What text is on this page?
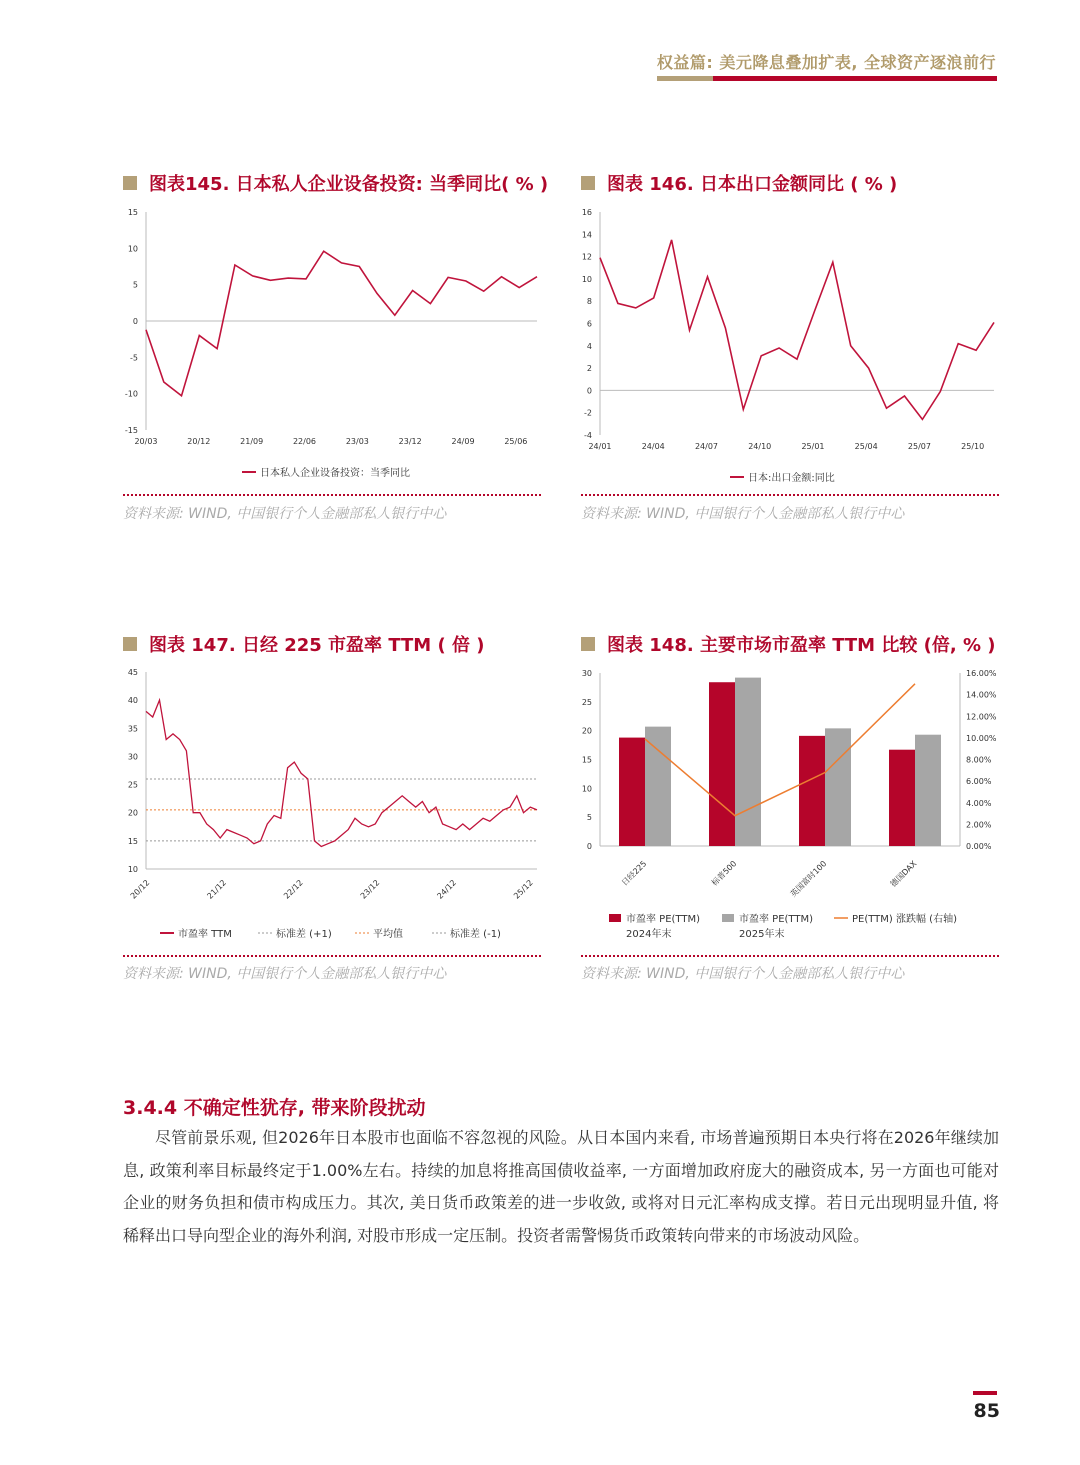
权益篇: 美元降息叠加扩表, 全球资产逐浪前行
图表145. 日本私人企业设备投资: 当季同比( % )
-15
-10
-5
0
5
10
15
20/03	20/12	21/09	22/06	23/03	23/12	24/09	25/06
日本私人企业设备投资：当季同比
资料来源: WIND, 中国银行个人金融部私人银行中心
图表 146. 日本出口金额同比 ( % )
-4
-2
0
2
4
6
8
10
12
14
16
24/01	24/04	24/07	24/10	25/01	25/04	25/07	25/10
日本:出口金额:同比
资料来源: WIND, 中国银行个人金融部私人银行中心
图表 147. 日经 225 市盈率 TTM ( 倍 )
10
15
20
25
30
35
40
45
20/12	21/12	22/12	23/12	24/12	25/12
市盈率 TTM	标准差 (+1)	平均值	标准差 (-1)
资料来源: WIND, 中国银行个人金融部私人银行中心
图表 148. 主要市场市盈率 TTM 比较 (倍, % )
0
5
10
15
20
25
30
0.00%
2.00%
4.00%
6.00%
8.00%
10.00%
12.00%
14.00%
16.00%
日经225	标普500	英国富时100	德国DAX
市盈率 PE(TTM)
2024年末
市盈率 PE(TTM)
2025年末
PE(TTM) 涨跌幅 (右轴)
资料来源: WIND, 中国银行个人金融部私人银行中心
3.4.4 不确定性犹存, 带来阶段扰动
尽管前景乐观, 但2026年日本股市也面临不容忽视的风险。从日本国内来看, 市场普遍预期日本央行将在2026年继续加息, 政策利率目标最终定于1.00%左右。持续的加息将推高国债收益率, 一方面增加政府庞大的融资成本, 另一方面也可能对企业的财务负担和债市构成压力。其次, 美日货币政策差的进一步收敛, 或将对日元汇率构成支撑。若日元出现明显升值, 将稀释出口导向型企业的海外利润, 对股市形成一定压制。投资者需警惕货币政策转向带来的市场波动风险。
85
